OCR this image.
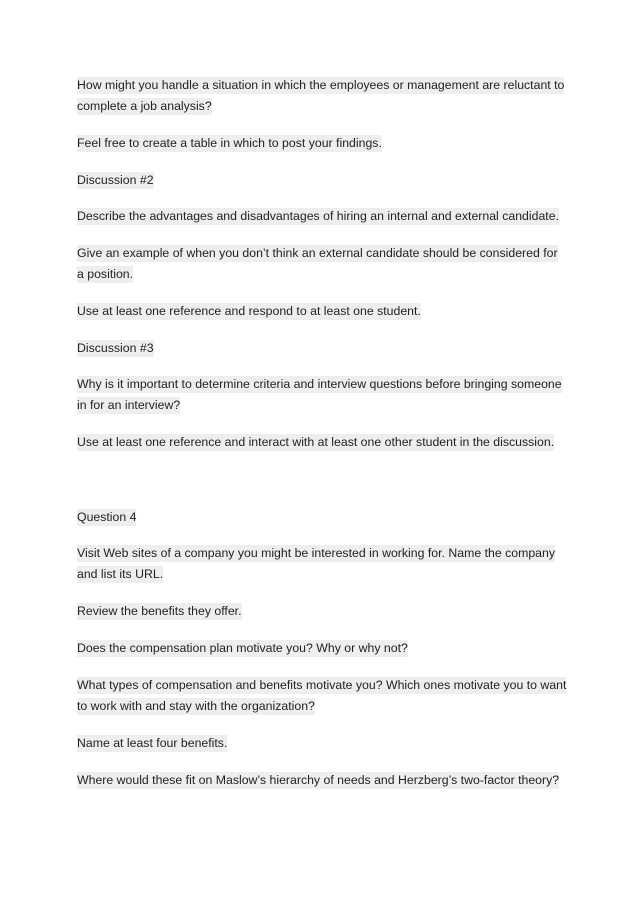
How might you handle a situation in which the employees or management are reluctant to complete a job analysis?

Feel free to create a table in which to post your findings.

Discussion #2

Describe the advantages and disadvantages of hiring an internal and external candidate.

Give an example of when you don’t think an external candidate should be considered for a position.

Use at least one reference and respond to at least one student.

Discussion #3

Why is it important to determine criteria and interview questions before bringing someone in for an interview?

Use at least one reference and interact with at least one other student in the discussion.

Question 4

Visit Web sites of a company you might be interested in working for. Name the company and list its URL.

Review the benefits they offer.

Does the compensation plan motivate you? Why or why not?

What types of compensation and benefits motivate you? Which ones motivate you to want to work with and stay with the organization?

Name at least four benefits.

Where would these fit on Maslow’s hierarchy of needs and Herzberg’s two-factor theory?
